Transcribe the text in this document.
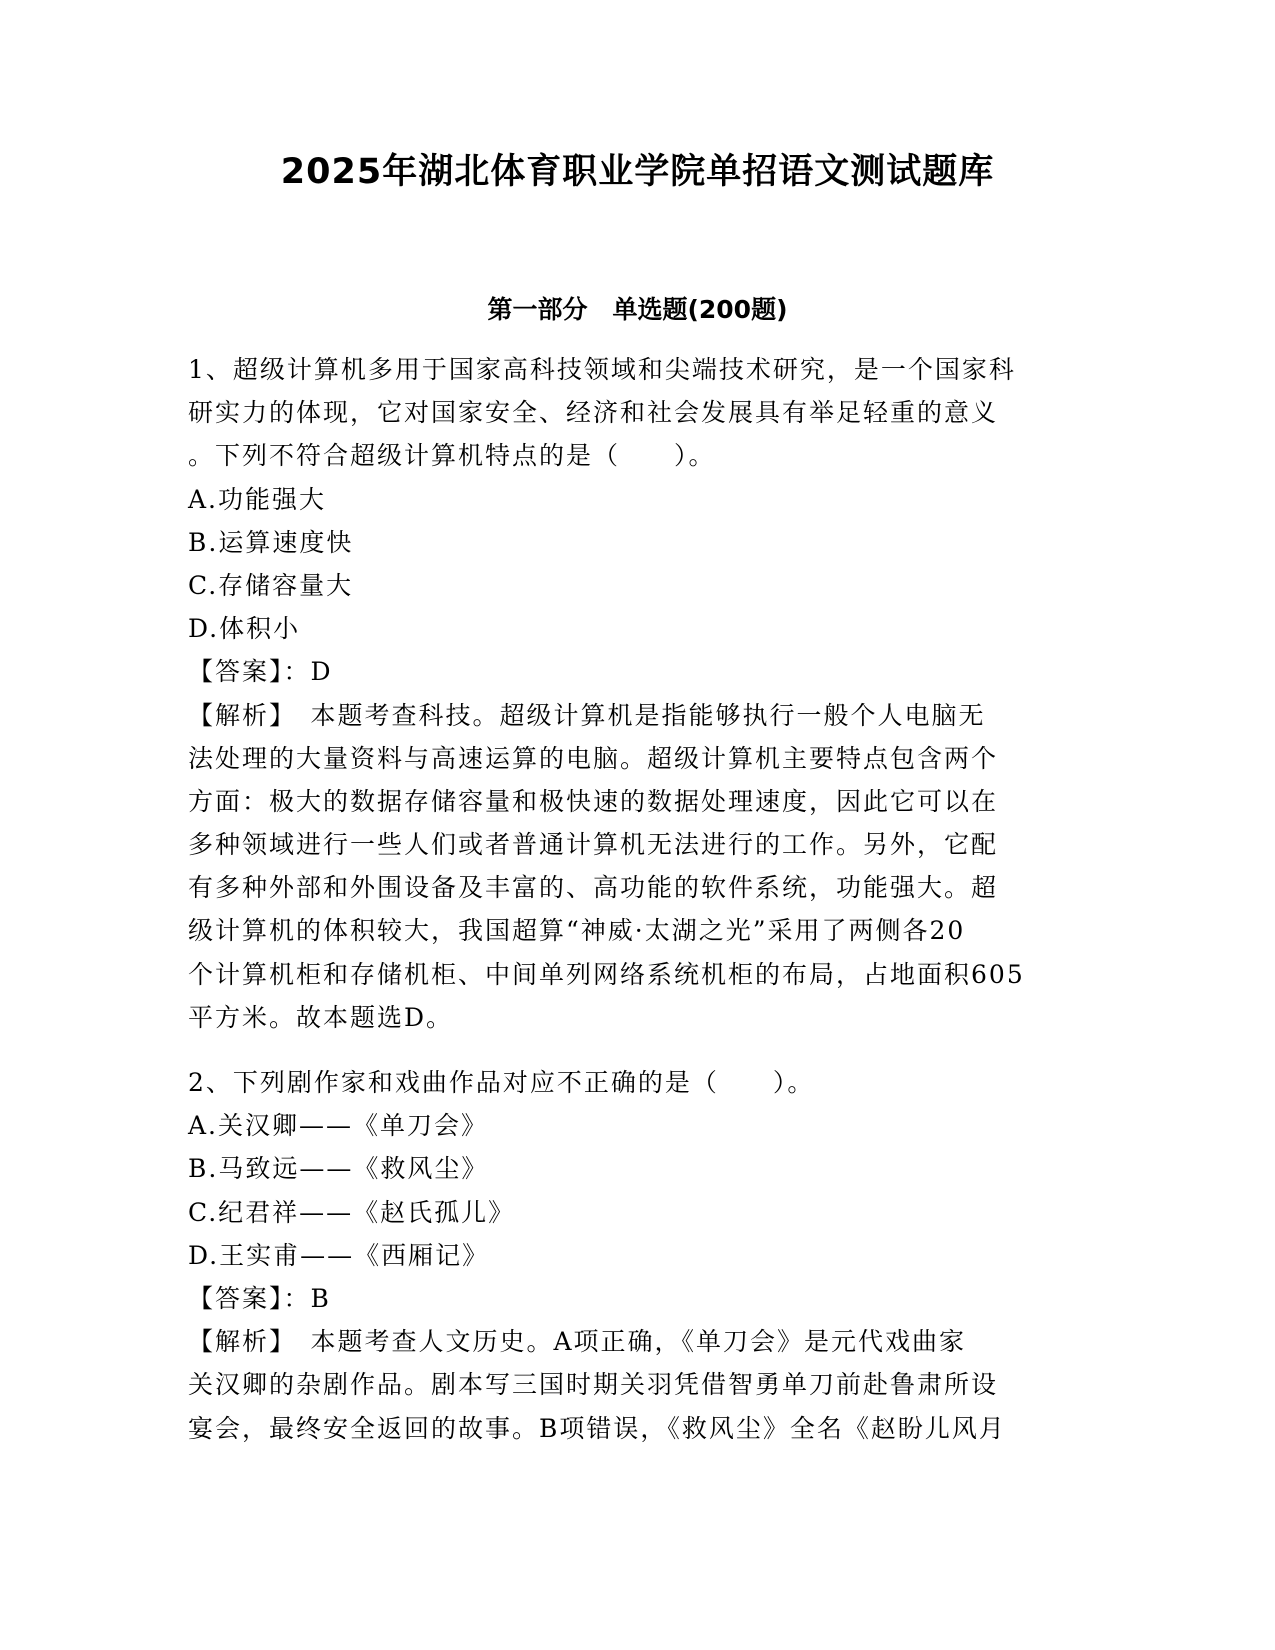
2025年湖北体育职业学院单招语文测试题库
第一部分　单选题(200题)
1、超级计算机多用于国家高科技领域和尖端技术研究，是一个国家科
研实力的体现，它对国家安全、经济和社会发展具有举足轻重的意义
。下列不符合超级计算机特点的是（　　）。
A.功能强大
B.运算速度快
C.存储容量大
D.体积小
【答案】：D
【解析】　本题考查科技。超级计算机是指能够执行一般个人电脑无
法处理的大量资料与高速运算的电脑。超级计算机主要特点包含两个
方面：极大的数据存储容量和极快速的数据处理速度，因此它可以在
多种领域进行一些人们或者普通计算机无法进行的工作。另外，它配
有多种外部和外围设备及丰富的、高功能的软件系统，功能强大。超
级计算机的体积较大，我国超算“神威·太湖之光”采用了两侧各20
个计算机柜和存储机柜、中间单列网络系统机柜的布局，占地面积605
平方米。故本题选D。
2、下列剧作家和戏曲作品对应不正确的是（　　）。
A.关汉卿——《单刀会》
B.马致远——《救风尘》
C.纪君祥——《赵氏孤儿》
D.王实甫——《西厢记》
【答案】：B
【解析】　本题考查人文历史。A项正确，《单刀会》是元代戏曲家
关汉卿的杂剧作品。剧本写三国时期关羽凭借智勇单刀前赴鲁肃所设
宴会，最终安全返回的故事。B项错误，《救风尘》全名《赵盼儿风月
